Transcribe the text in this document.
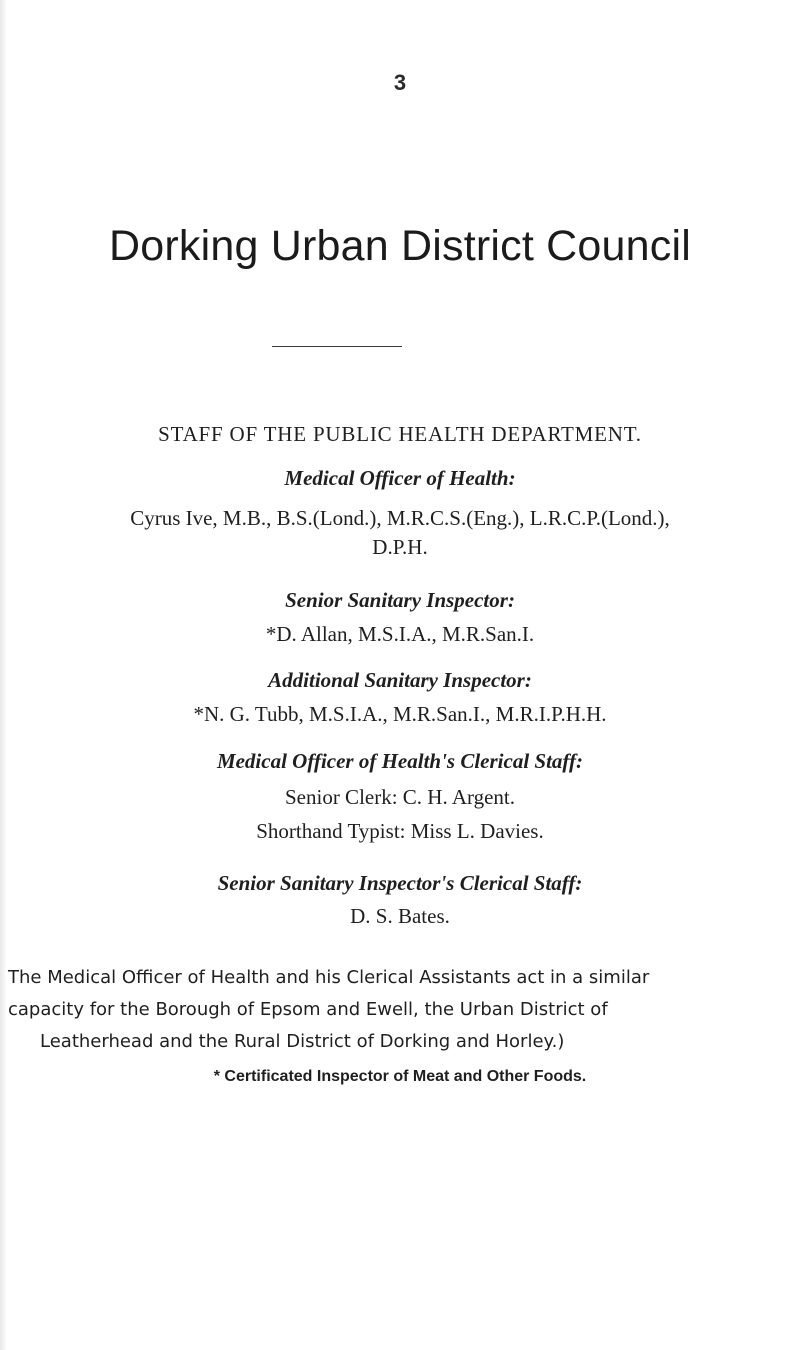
3
Dorking Urban District Council
STAFF OF THE PUBLIC HEALTH DEPARTMENT.
Medical Officer of Health:
Cyrus Ive, M.B., B.S.(Lond.), M.R.C.S.(Eng.), L.R.C.P.(Lond.),
D.P.H.
Senior Sanitary Inspector:
*D. Allan, M.S.I.A., M.R.San.I.
Additional Sanitary Inspector:
*N. G. Tubb, M.S.I.A., M.R.San.I., M.R.I.P.H.H.
Medical Officer of Health's Clerical Staff:
Senior Clerk: C. H. Argent.
Shorthand Typist: Miss L. Davies.
Senior Sanitary Inspector's Clerical Staff:
D. S. Bates.
The Medical Officer of Health and his Clerical Assistants act in a similar
capacity for the Borough of Epsom and Ewell, the Urban District of
Leatherhead and the Rural District of Dorking and Horley.)
* Certificated Inspector of Meat and Other Foods.
